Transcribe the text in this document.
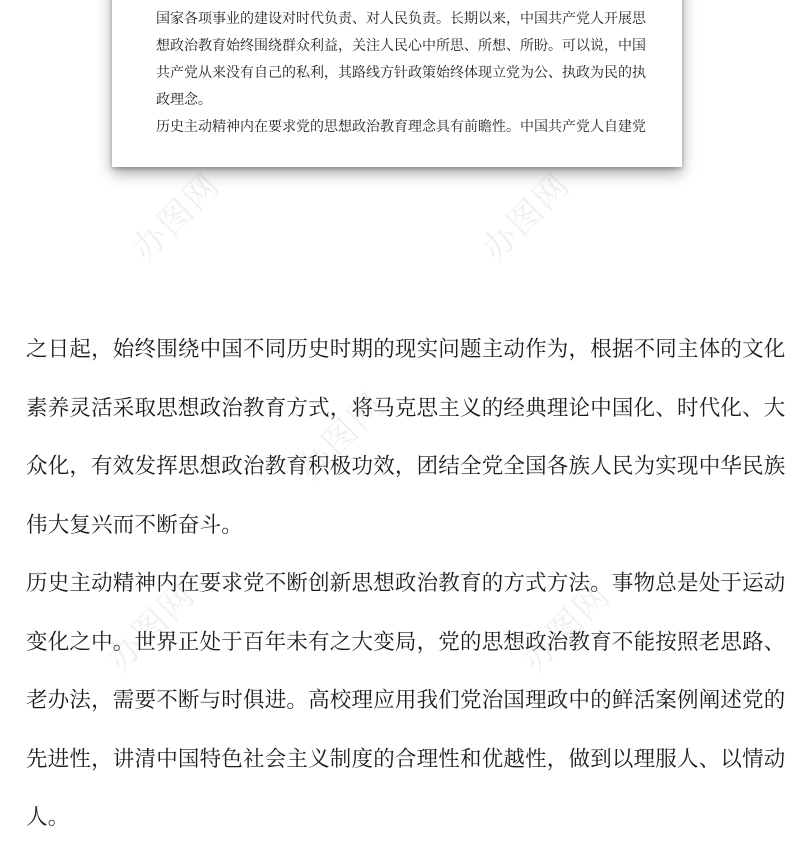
办图网	办图网
办图网
办图网	办图网
国家各项事业的建设对时代负责、对人民负责。长期以来，中国共产党人开展思
想政治教育始终围绕群众利益，关注人民心中所思、所想、所盼。可以说，中国
共产党从来没有自己的私利，其路线方针政策始终体现立党为公、执政为民的执
政理念。
历史主动精神内在要求党的思想政治教育理念具有前瞻性。中国共产党人自建党
之日起，始终围绕中国不同历史时期的现实问题主动作为，根据不同主体的文化
素养灵活采取思想政治教育方式，将马克思主义的经典理论中国化、时代化、大
众化，有效发挥思想政治教育积极功效，团结全党全国各族人民为实现中华民族
伟大复兴而不断奋斗。
历史主动精神内在要求党不断创新思想政治教育的方式方法。事物总是处于运动
变化之中。世界正处于百年未有之大变局，党的思想政治教育不能按照老思路、
老办法，需要不断与时俱进。高校理应用我们党治国理政中的鲜活案例阐述党的
先进性，讲清中国特色社会主义制度的合理性和优越性，做到以理服人、以情动
人。
